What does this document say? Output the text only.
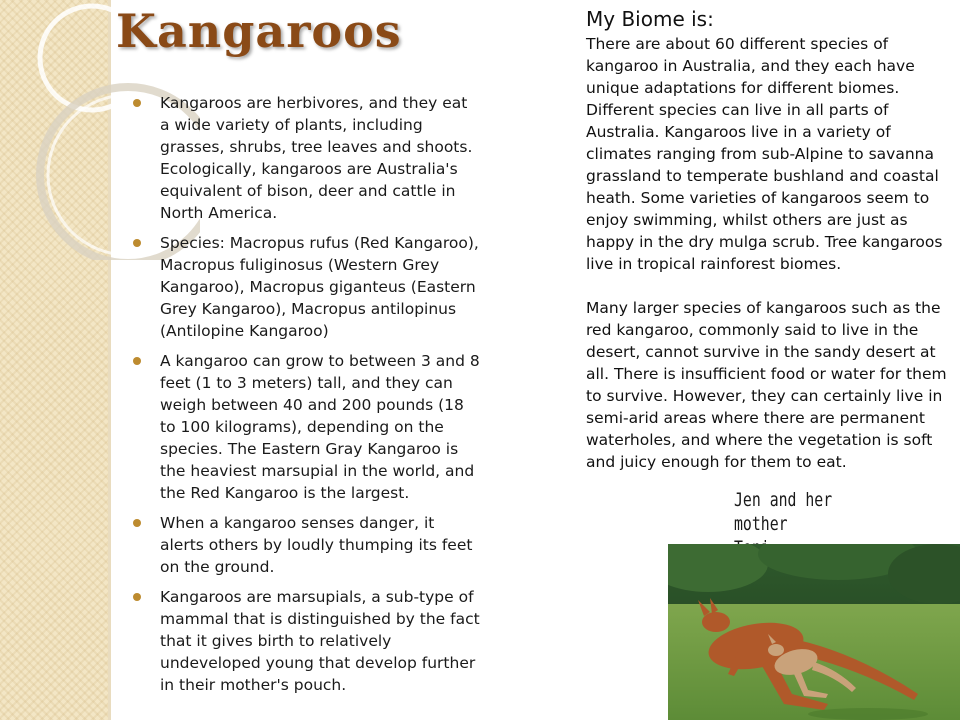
Kangaroos
Kangaroos are herbivores, and they eat a wide variety of plants, including grasses, shrubs, tree leaves and shoots. Ecologically, kangaroos are Australia's equivalent of bison, deer and cattle in North America.
Species: Macropus rufus (Red Kangaroo), Macropus fuliginosus (Western Grey Kangaroo), Macropus giganteus (Eastern Grey Kangaroo), Macropus antilopinus (Antilopine Kangaroo)
A kangaroo can grow to between 3 and 8 feet (1 to 3 meters) tall, and they can weigh between 40 and 200 pounds (18 to 100 kilograms), depending on the species. The Eastern Gray Kangaroo is the heaviest marsupial in the world, and the Red Kangaroo is the largest.
When a kangaroo senses danger, it alerts others by loudly thumping its feet on the ground.
Kangaroos are marsupials, a sub-type of mammal that is distinguished by the fact that it gives birth to relatively undeveloped young that develop further in their mother's pouch.
My Biome is:

There are about 60 different species of kangaroo in Australia, and they each have unique adaptations for different biomes. Different species can live in all parts of Australia. Kangaroos live in a variety of climates ranging from sub-Alpine to savanna grassland to temperate bushland and coastal heath. Some varieties of kangaroos seem to enjoy swimming, whilst others are just as happy in the dry mulga scrub. Tree kangaroos live in tropical rainforest biomes.

Many larger species of kangaroos such as the red kangaroo, commonly said to live in the desert, cannot survive in the sandy desert at all. There is insufficient food or water for them to survive. However, they can certainly live in semi-arid areas where there are permanent waterholes, and where the vegetation is soft and juicy enough for them to eat.

Jen and her mother
